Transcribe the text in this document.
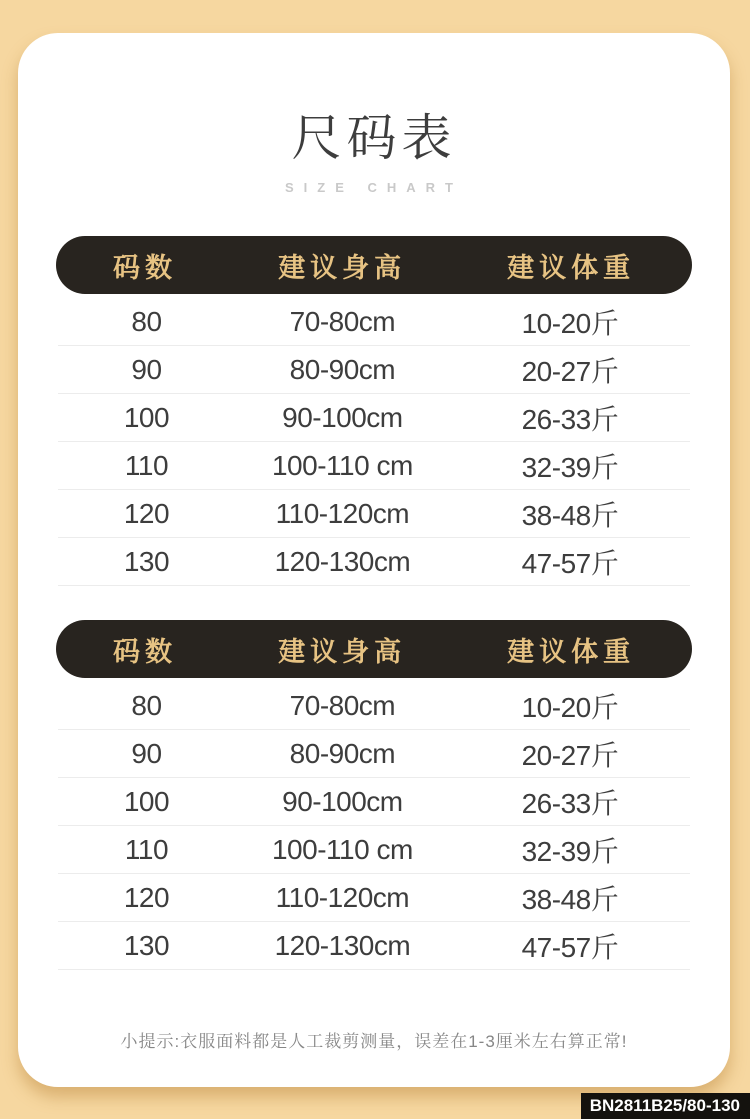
尺码表
SIZE CHART
码数	建议身高	建议体重
80	70-80cm	10-20斤
90	80-90cm	20-27斤
100	90-100cm	26-33斤
110	100-110 cm	32-39斤
120	110-120cm	38-48斤
130	120-130cm	47-57斤
码数	建议身高	建议体重
80	70-80cm	10-20斤
90	80-90cm	20-27斤
100	90-100cm	26-33斤
110	100-110 cm	32-39斤
120	110-120cm	38-48斤
130	120-130cm	47-57斤
小提示:衣服面料都是人工裁剪测量，误差在1-3厘米左右算正常!
BN2811B25/80-130
